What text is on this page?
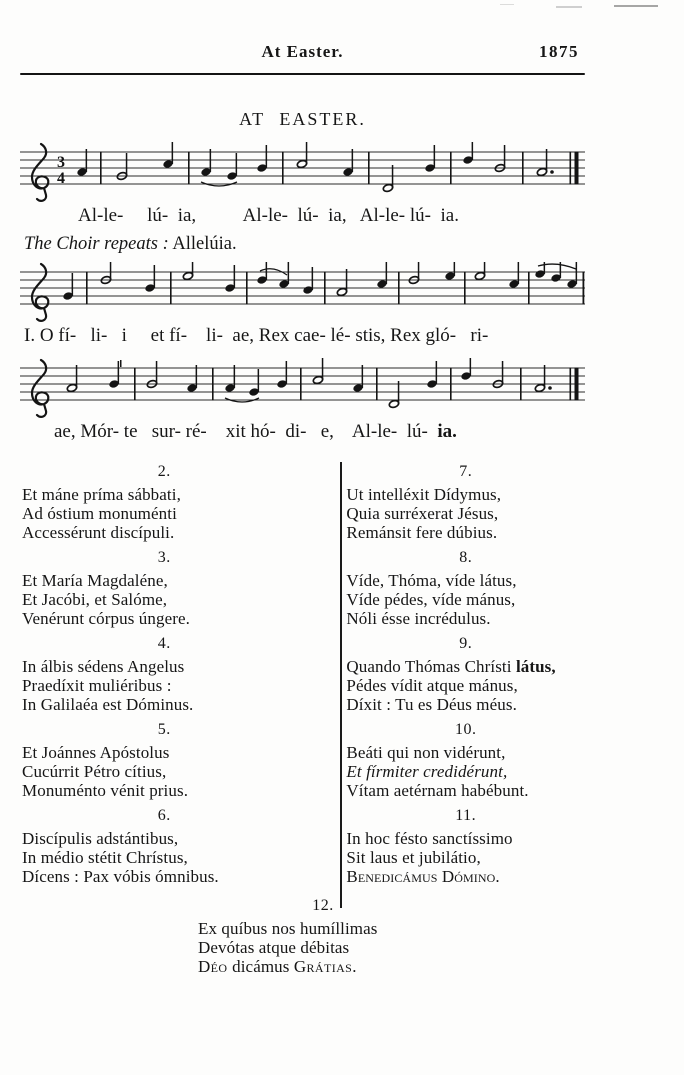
At Easter.	1875
AT EASTER.
3
4
Al-le-     lú-  ia,          Al-le-  lú-  ia,   Al-le- lú-  ia.
The Choir repeats : Allelúia.
I. O fí-   li-   i     et fí-    li-  ae, Rex cae- lé- stis, Rex gló-   ri-
ae, Mór- te   sur- ré-    xit hó-  di-   e,    Al-le-  lú-  ia.
2.
Et máne príma sábbati,
Ad óstium monuménti
Accessérunt discípuli.
3.
Et María Magdaléne,
Et Jacóbi, et Salóme,
Venérunt córpus úngere.
4.
In álbis sédens Angelus
Praedíxit muliéribus :
In Galilaéa est Dóminus.
5.
Et Joánnes Apóstolus
Cucúrrit Pétro cítius,
Monuménto vénit prius.
6.
Discípulis adstántibus,
In médio stétit Chrístus,
Dícens : Pax vóbis ómnibus.
7.
Ut intelléxit Dídymus,
Quia surréxerat Jésus,
Remánsit fere dúbius.
8.
Víde, Thóma, víde látus,
Víde pédes, víde mánus,
Nóli ésse incrédulus.
9.
Quando Thómas Chrísti látus,
Pédes vídit atque mánus,
Díxit : Tu es Déus méus.
10.
Beáti qui non vidérunt,
Et fírmiter credidérunt,
Vítam aetérnam habébunt.
11.
In hoc fésto sanctíssimo
Sit laus et jubilátio,
Benedicámus Dómino.
12.
Ex quíbus nos humíllimas
Devótas atque débitas
Déo dicámus Grátias.
